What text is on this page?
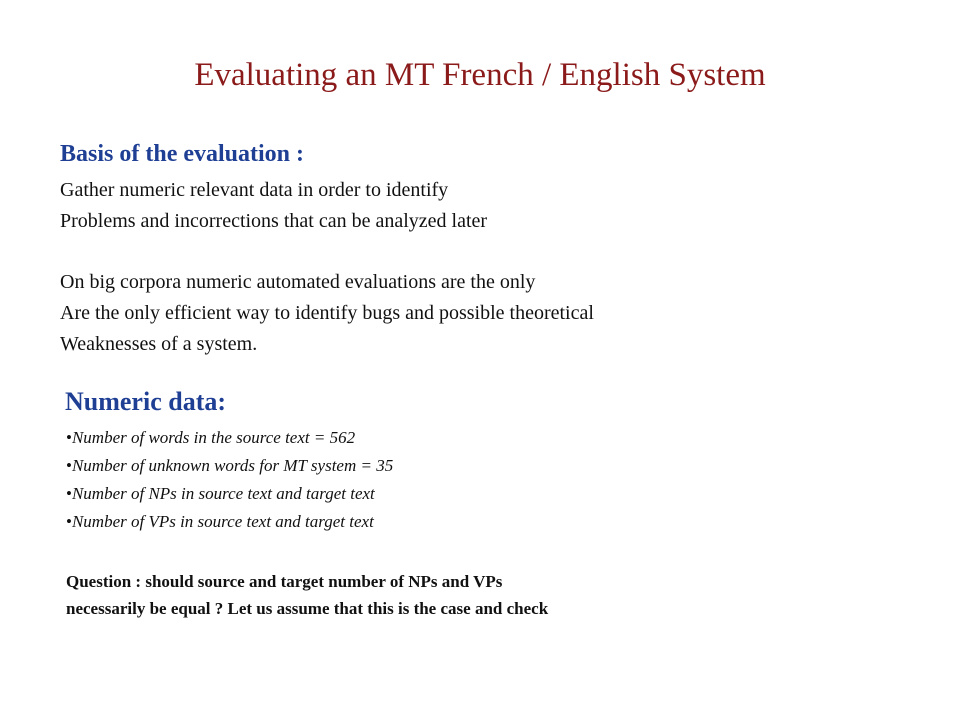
Evaluating an MT French / English System
Basis of the evaluation :
Gather numeric relevant data in order to identify
Problems and incorrections that can be analyzed later
On big corpora numeric automated evaluations are the only
Are the only efficient way to identify bugs and possible theoretical
Weaknesses of a system.
Numeric data:
•Number of words in the source text = 562
•Number of unknown words for MT system = 35
•Number of NPs in source text and target text
•Number of VPs in source text and target text
Question : should source and target number of NPs and VPs
necessarily be equal ? Let us assume that this is the case and check
